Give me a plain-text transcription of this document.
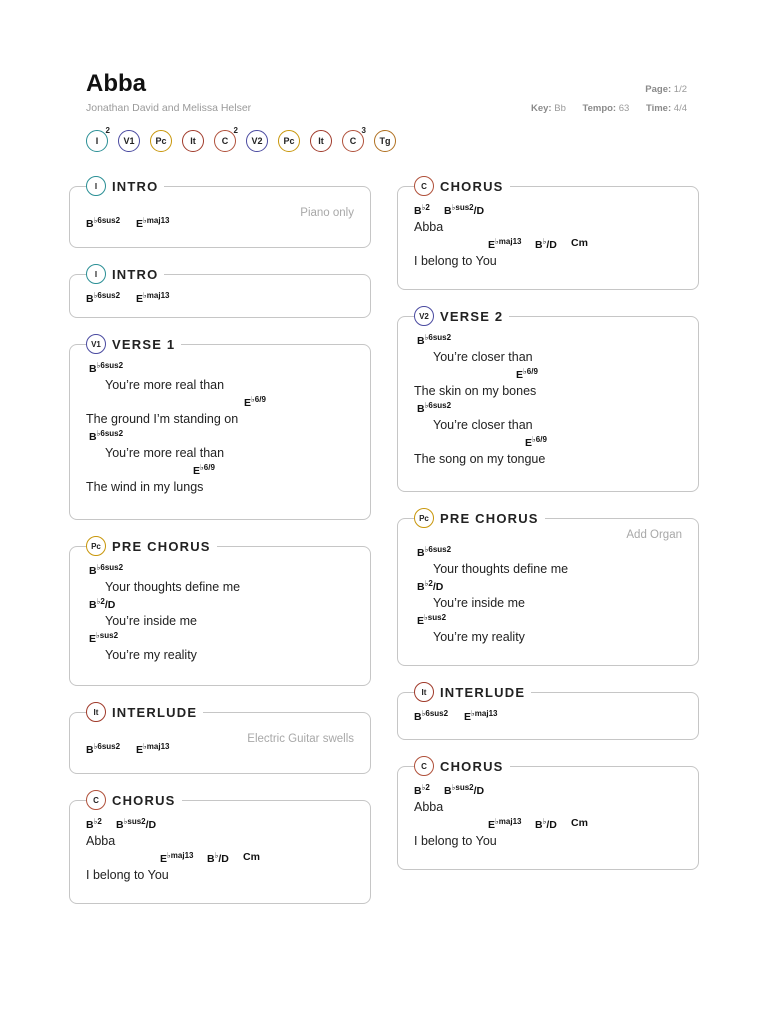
Abba
Jonathan David and Melissa Helser
Page: 1/2
Key: Bb Tempo: 63 Time: 4/4
I
2
V1 Pc	It	C
2
V2 Pc	It	C
3
Tg
I	INTRO
Piano only
$B^{♭6sus2}$ $E^{♭maj13}$
I	INTRO
$B^{♭6sus2}$ $E^{♭maj13}$
V1 VERSE 1
$B^{♭6sus2}$
You’re more real than
$E^{♭6/9}$
The ground I’m standing on
$B^{♭6sus2}$
You’re more real than
$E^{♭6/9}$
The wind in my lungs
Pc PRE CHORUS
$B^{♭6sus2}$
Your thoughts define me
$B^{♭2}/D$
You’re inside me
$E^{♭sus2}$
You’re my reality
It	INTERLUDE
Electric Guitar swells
$B^{♭6sus2}$ $E^{♭maj13}$
C	CHORUS
$B^{♭2}$ $B^{♭sus2}/D$
Abba
$E^{♭maj13}$ B♭/D Cm
I belong to You
C	CHORUS
$B^{♭2}$ $B^{♭sus2}/D$
Abba
$E^{♭maj13}$ B♭/D Cm
I belong to You
V2 VERSE 2
$B^{♭6sus2}$
You’re closer than
$E^{♭6/9}$
The skin on my bones
$B^{♭6sus2}$
You’re closer than
$E^{♭6/9}$
The song on my tongue
Pc PRE CHORUS
Add Organ
$B^{♭6sus2}$
Your thoughts define me
$B^{♭2}/D$
You’re inside me
$E^{♭sus2}$
You’re my reality
It	INTERLUDE
$B^{♭6sus2}$ $E^{♭maj13}$
C	CHORUS
$B^{♭2}$ $B^{♭sus2}/D$
Abba
$E^{♭maj13}$ B♭/D Cm
I belong to You
